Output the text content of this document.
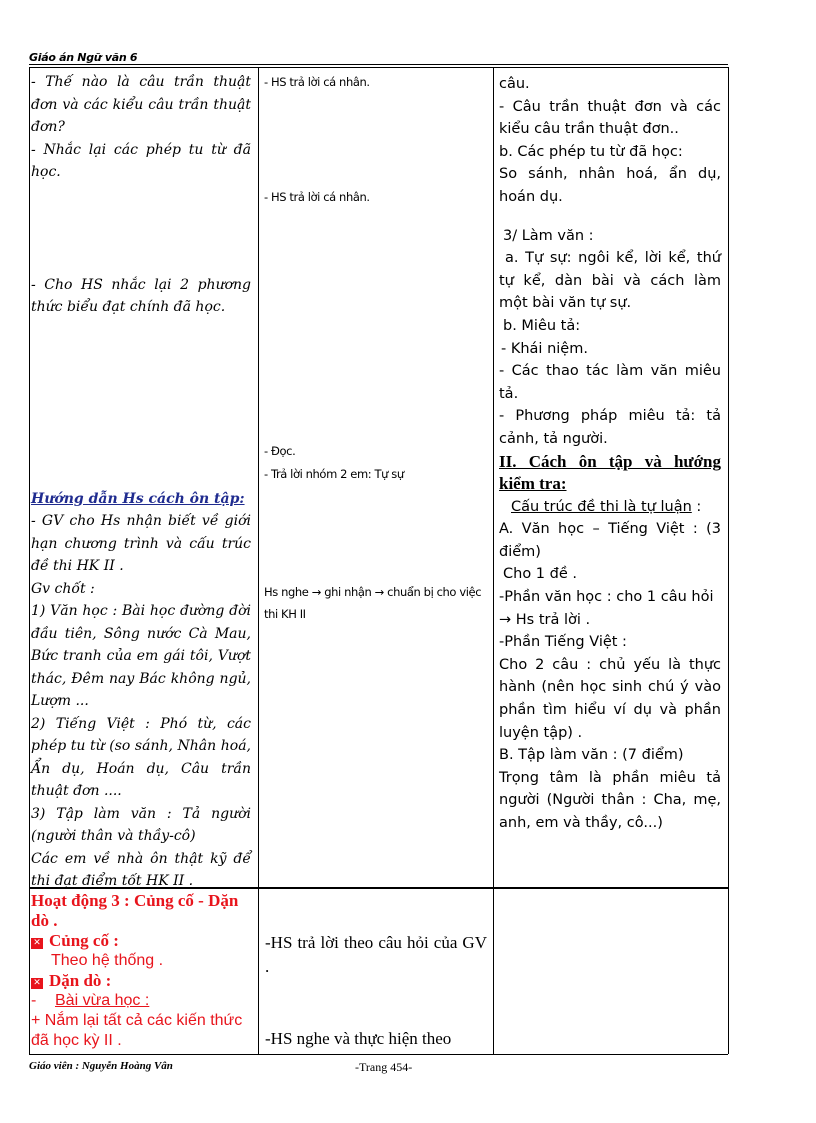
Giáo án Ngữ văn 6

- Thế nào là câu trần thuật đơn và các kiểu câu trần thuật đơn?

- Nhắc lại các phép tu từ đã học.

- Cho HS nhắc lại 2 phương thức biểu đạt chính đã học.

Hướng dẫn Hs cách ôn tập:

- GV cho Hs nhận biết về giới hạn chương trình và cấu trúc đề thi HK II .

Gv chốt :

1) Văn học : Bài học đường đời đầu tiên, Sông nước Cà Mau, Bức tranh của em gái tôi, Vượt thác, Đêm nay Bác không ngủ, Lượm ...

2) Tiếng Việt : Phó từ, các phép tu từ (so sánh, Nhân hoá, Ẩn dụ, Hoán dụ, Câu trần thuật đơn ....

3) Tập làm văn : Tả người (người thân và thầy-cô)

Các em về nhà ôn thật kỹ để thi đạt điểm tốt HK II .

- HS trả lời cá nhân.
- HS trả lời cá nhân.
- Đọc.
- Trả lời nhóm 2 em: Tự sự
Hs nghe → ghi nhận → chuẩn bị cho việc thi KH II

câu.

- Câu trần thuật đơn và các kiểu câu trần thuật đơn..

b. Các phép tu từ đã học:

So sánh, nhân hoá, ẩn dụ, hoán dụ.

3/ Làm văn :

a. Tự sự: ngôi kể, lời kể, thứ tự kể, dàn bài và cách làm một bài văn tự sự.

b. Miêu tả:

- Khái niệm.

- Các thao tác làm văn miêu tả.

- Phương pháp miêu tả: tả cảnh, tả người.

II. Cách ôn tập và hướng kiểm tra:

Cấu trúc đề thi là tự luận :

A. Văn học – Tiếng Việt : (3 điểm)

Cho 1 đề .

-Phần văn học : cho 1 câu hỏi

→ Hs trả lời .

-Phần Tiếng Việt :

Cho 2 câu : chủ yếu là thực hành (nên học sinh chú ý vào phần tìm hiểu ví dụ và phần luyện tập) .

B. Tập làm văn : (7 điểm)

Trọng tâm là phần miêu tả người (Người thân : Cha, mẹ, anh, em và thầy, cô...)

Hoạt động 3 : Củng cố - Dặn dò .
✕ Củng cố :
Theo hệ thống .
✕ Dặn dò :
- Bài vừa học :
+ Nắm lại tất cả các kiến thức đã học kỳ II .
-HS trả lời theo câu hỏi của GV .
-HS nghe và thực hiện theo
Giáo viên : Nguyễn Hoàng Vân	-Trang 454-
